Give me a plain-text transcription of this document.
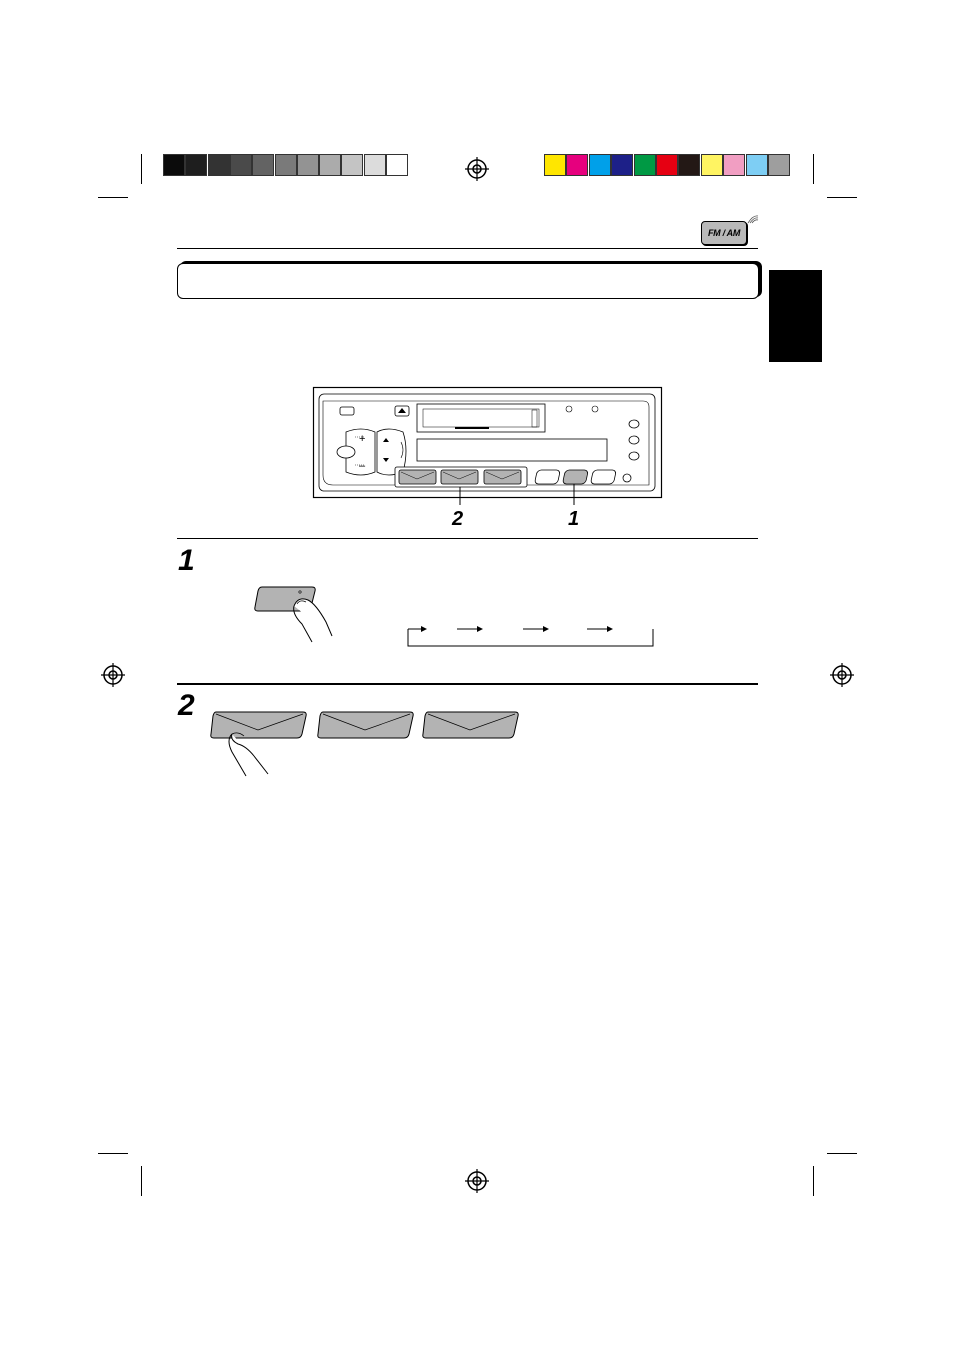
FM / AM
+
–
2	1
1
2
